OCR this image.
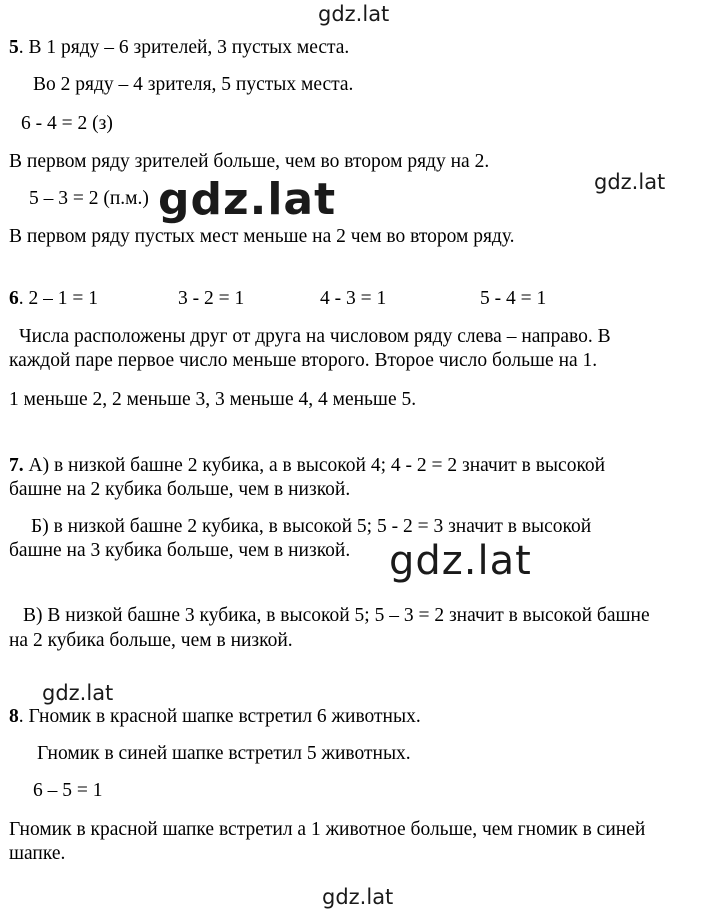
gdz.lat
gdz.lat
gdz.lat
gdz.lat
5. В 1 ряду – 6 зрителей, 3 пустых места.
Во 2 ряду – 4 зрителя, 5 пустых места.
6 - 4 = 2 (з)
В первом ряду зрителей больше, чем во втором ряду на 2.
5 – 3 = 2 (п.м.)
В первом ряду пустых мест меньше на 2 чем во втором ряду.
gdz.lat
6. 2 – 1 = 1	3 - 2 = 1	4 - 3 = 1	5 - 4 = 1
Числа расположены друг от друга на числовом ряду слева – направо. В
каждой паре первое число меньше второго. Второе число больше на 1.
1 меньше 2, 2 меньше 3, 3 меньше 4, 4 меньше 5.
7. А) в низкой башне 2 кубика, а в высокой 4; 4 - 2 = 2 значит в высокой
башне на 2 кубика больше, чем в низкой.
Б) в низкой башне 2 кубика, в высокой 5; 5 - 2 = 3 значит в высокой
башне на 3 кубика больше, чем в низкой. gdz.lat
В) В низкой башне 3 кубика, в высокой 5; 5 – 3 = 2 значит в высокой башне
на 2 кубика больше, чем в низкой.
8. Гномик в красной шапке встретил 6 животных.
Гномик в синей шапке встретил 5 животных.
6 – 5 = 1
Гномик в красной шапке встретил а 1 животное больше, чем гномик в синей
шапке.
